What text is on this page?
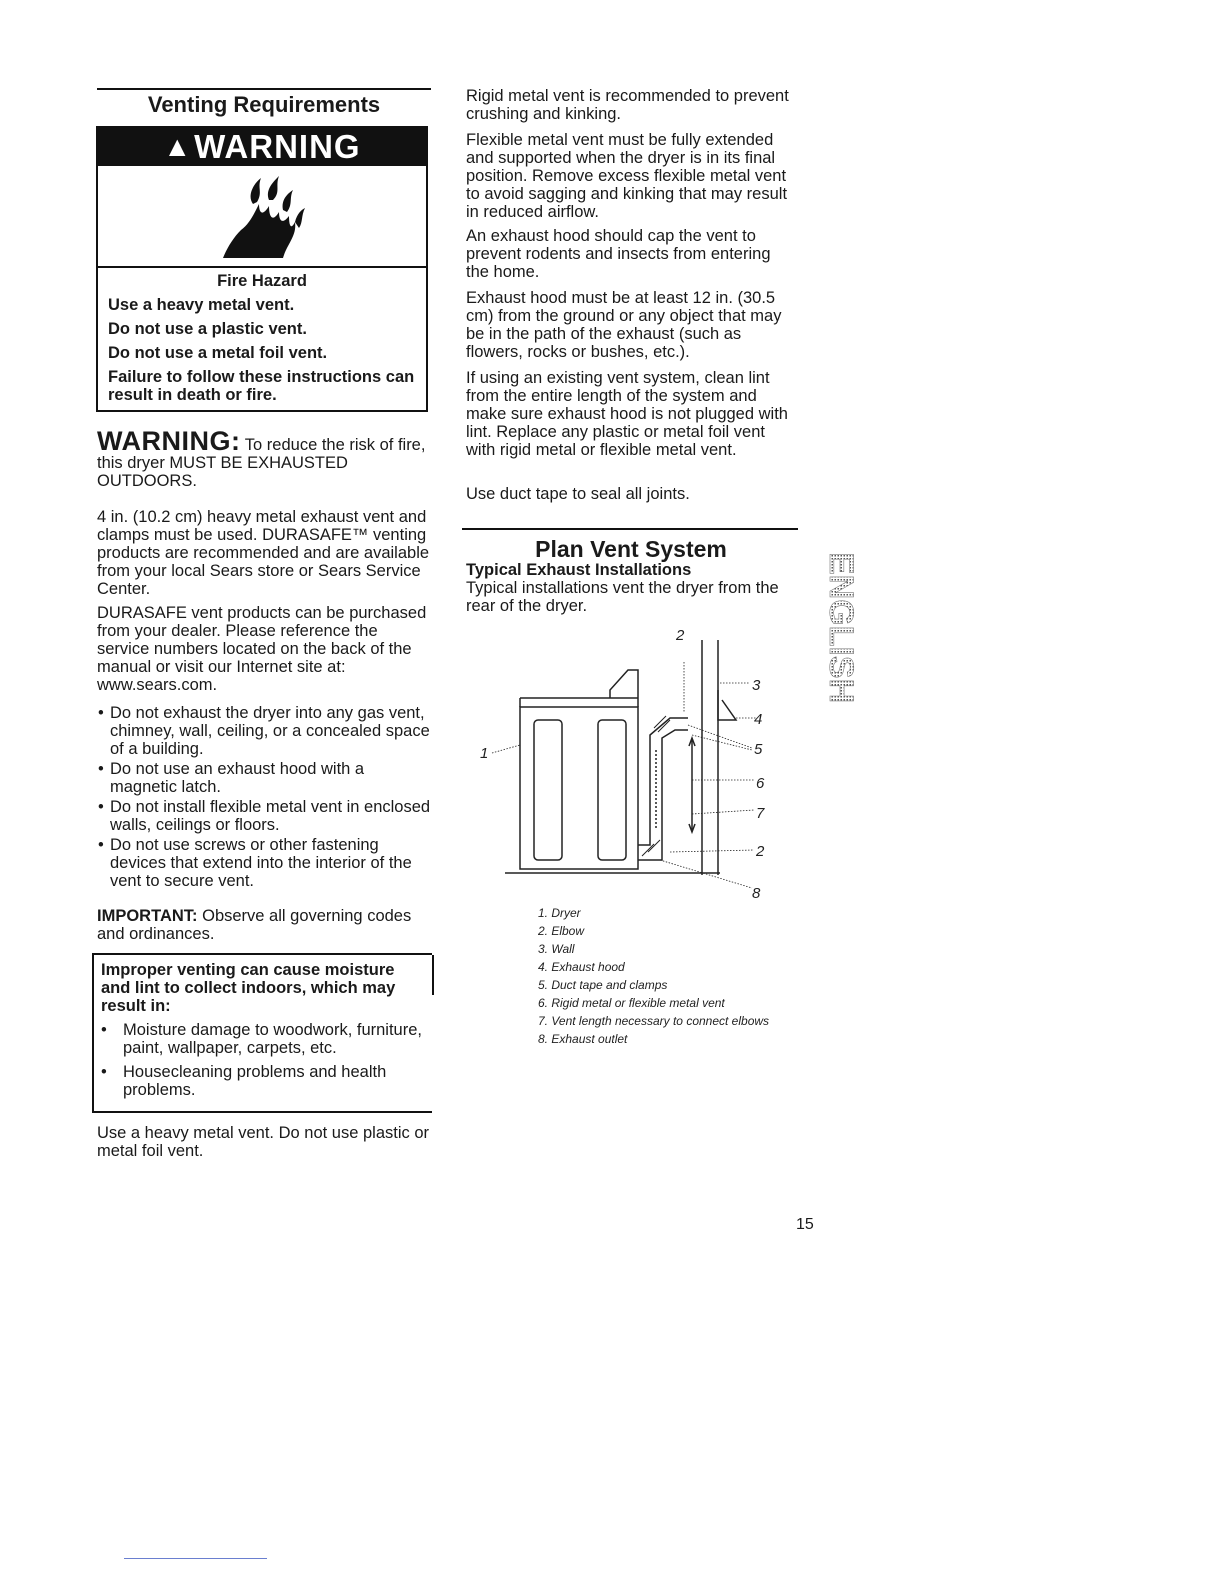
Venting Requirements

▲ WARNING

Fire Hazard

Use a heavy metal vent.

Do not use a plastic vent.

Do not use a metal foil vent.

Failure to follow these instructions can result in death or fire.

WARNING: To reduce the risk of fire, this dryer MUST BE EXHAUSTED OUTDOORS.

4 in. (10.2 cm) heavy metal exhaust vent and clamps must be used. DURASAFE™ venting products are recommended and are available from your local Sears store or Sears Service Center.

DURASAFE vent products can be purchased from your dealer. Please reference the service numbers located on the back of the manual or visit our Internet site at: www.sears.com.

• Do not exhaust the dryer into any gas vent, chimney, wall, ceiling, or a concealed space of a building.
• Do not use an exhaust hood with a magnetic latch.
• Do not install flexible metal vent in enclosed walls, ceilings or floors.
• Do not use screws or other fastening devices that extend into the interior of the vent to secure vent.

IMPORTANT: Observe all governing codes and ordinances.

Improper venting can cause moisture and lint to collect indoors, which may result in:

• Moisture damage to woodwork, furniture, paint, wallpaper, carpets, etc.
• Housecleaning problems and health problems.

Use a heavy metal vent. Do not use plastic or metal foil vent.

Rigid metal vent is recommended to prevent crushing and kinking.

Flexible metal vent must be fully extended and supported when the dryer is in its final position. Remove excess flexible metal vent to avoid sagging and kinking that may result in reduced airflow.

An exhaust hood should cap the vent to prevent rodents and insects from entering the home.

Exhaust hood must be at least 12 in. (30.5 cm) from the ground or any object that may be in the path of the exhaust (such as flowers, rocks or bushes, etc.).

If using an existing vent system, clean lint from the entire length of the system and make sure exhaust hood is not plugged with lint. Replace any plastic or metal foil vent with rigid metal or flexible metal vent.

Use duct tape to seal all joints.

Plan Vent System

Typical Exhaust Installations

Typical installations vent the dryer from the rear of the dryer.

1
2
3
4
5
6
7
2
8

1. Dryer

2. Elbow

3. Wall

4. Exhaust hood

5. Duct tape and clamps

6. Rigid metal or flexible metal vent

7. Vent length necessary to connect elbows

8. Exhaust outlet

ENGLISH
15
